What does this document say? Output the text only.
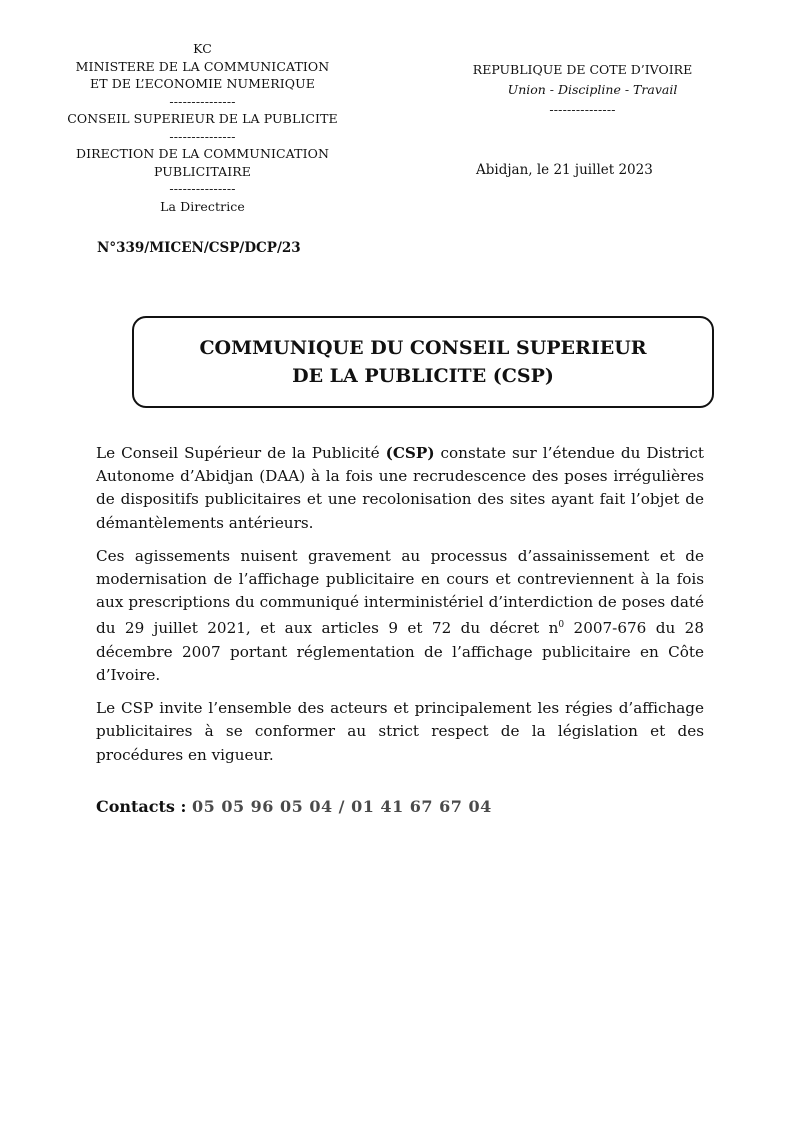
KC
MINISTERE DE LA COMMUNICATION
ET DE L’ECONOMIE NUMERIQUE
---------------
CONSEIL SUPERIEUR DE LA PUBLICITE
---------------
DIRECTION DE LA COMMUNICATION
PUBLICITAIRE
---------------
La Directrice
REPUBLIQUE DE COTE D’IVOIRE
Union - Discipline - Travail
---------------
Abidjan, le 21 juillet 2023
N°339/MICEN/CSP/DCP/23
COMMUNIQUE DU CONSEIL SUPERIEUR
DE LA PUBLICITE (CSP)

Le Conseil Supérieur de la Publicité (CSP) constate sur l’étendue du District Autonome d’Abidjan (DAA) à la fois une recrudescence des poses irrégulières de dispositifs publicitaires et une recolonisation des sites ayant fait l’objet de démantèlements antérieurs.

Ces agissements nuisent gravement au processus d’assainissement et de modernisation de l’affichage publicitaire en cours et contreviennent à la fois aux prescriptions du communiqué interministériel d’interdiction de poses daté du 29 juillet 2021, et aux articles 9 et 72 du décret $n^0$ 2007-676 du 28 décembre 2007 portant réglementation de l’affichage publicitaire en Côte d’Ivoire.

Le CSP invite l’ensemble des acteurs et principalement les régies d’affichage publicitaires à se conformer au strict respect de la législation et des procédures en vigueur.

Contacts : 05 05 96 05 04 / 01 41 67 67 04
